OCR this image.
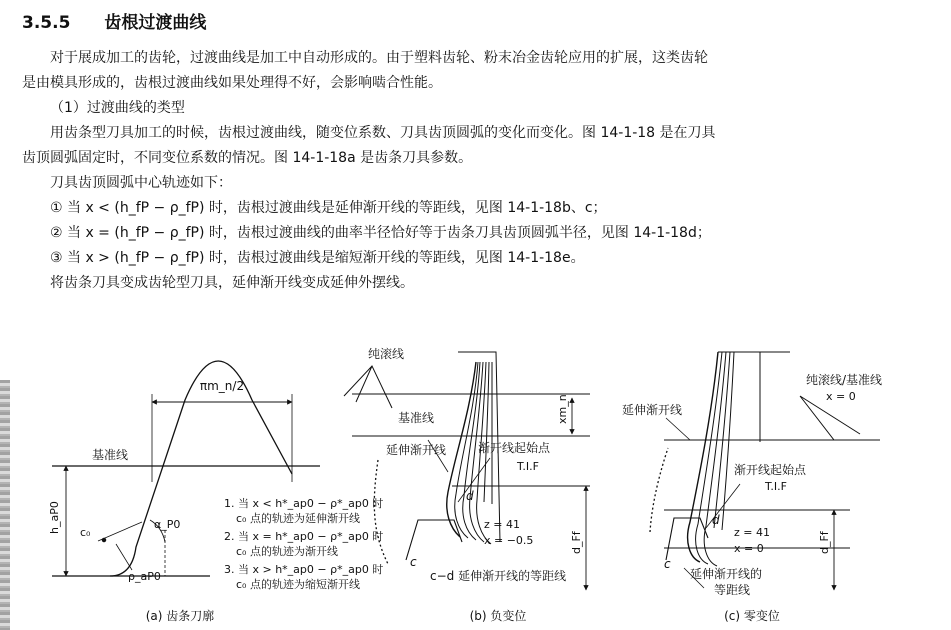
3.5.5 齿根过渡曲线
对于展成加工的齿轮，过渡曲线是加工中自动形成的。由于塑料齿轮、粉末冶金齿轮应用的扩展，这类齿轮
是由模具形成的，齿根过渡曲线如果处理得不好，会影响啮合性能。
（1）过渡曲线的类型
用齿条型刀具加工的时候，齿根过渡曲线，随变位系数、刀具齿顶圆弧的变化而变化。图 14-1-18 是在刀具
齿顶圆弧固定时，不同变位系数的情况。图 14-1-18a 是齿条刀具参数。
刀具齿顶圆弧中心轨迹如下：
① 当 x < (h_fP − ρ_fP) 时，齿根过渡曲线是延伸渐开线的等距线，见图 14-1-18b、c；
② 当 x = (h_fP − ρ_fP) 时，齿根过渡曲线的曲率半径恰好等于齿条刀具齿顶圆弧半径，见图 14-1-18d；
③ 当 x > (h_fP − ρ_fP) 时，齿根过渡曲线是缩短渐开线的等距线，见图 14-1-18e。
将齿条刀具变成齿轮型刀具，延伸渐开线变成延伸外摆线。
πm_n/2
基准线
h_aP0	α_P0
ρ_aP0
c₀
1. 当 x < h*_ap0 − ρ*_ap0 时
c₀ 点的轨迹为延伸渐开线
2. 当 x = h*_ap0 − ρ*_ap0 时
c₀ 点的轨迹为渐开线
3. 当 x > h*_ap0 − ρ*_ap0 时
c₀ 点的轨迹为缩短渐开线
(a) 齿条刀廓
纯滚线
基准线
延伸渐开线	渐开线起始点
T.I.F
xm_n
d
c
z = 41
x = −0.5
c−d 延伸渐开线的等距线
d_Ff
(b) 负变位
纯滚线/基准线
x = 0
延伸渐开线
渐开线起始点
T.I.F
d
c
z = 41
x = 0
延伸渐开线的
等距线
d_Ff
(c) 零变位
